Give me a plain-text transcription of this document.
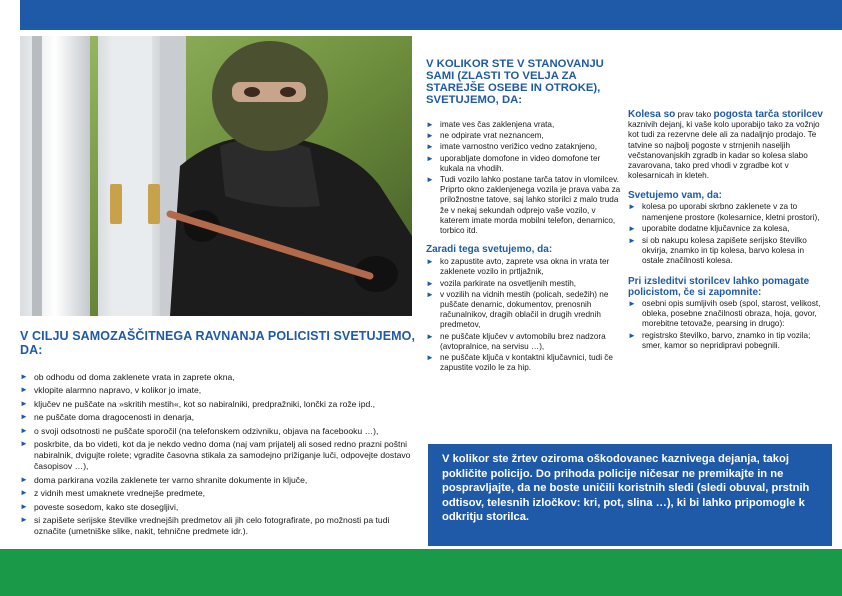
V CILJU SAMOZAŠČITNEGA RAVNANJA POLICISTI SVETUJEMO, DA:
► ob odhodu od doma zaklenete vrata in zaprete okna,
► vklopite alarmno napravo, v kolikor jo imate,
► ključev ne puščate na »skritih mestih«, kot so nabiralniki, predpražniki, lončki za rože ipd.,
► ne puščate doma dragocenosti in denarja,
► o svoji odsotnosti ne puščate sporočil (na telefonskem odzivniku, objava na facebooku …),
► poskrbite, da bo videti, kot da je nekdo vedno doma (naj vam prijatelj ali sosed redno prazni poštni nabiralnik, dvigujte rolete; vgradite časovna stikala za samodejno prižiganje luči, odpovejte dostavo časopisov …),
► doma parkirana vozila zaklenete ter varno shranite dokumente in ključe,
► z vidnih mest umaknete vrednejše predmete,
► poveste sosedom, kako ste dosegljivi,
► si zapišete serijske številke vrednejših predmetov ali jih celo fotografirate, po možnosti pa tudi označite (umetniške slike, nakit, tehnične predmete idr.).
V KOLIKOR STE V STANOVANJU SAMI (ZLASTI TO VELJA ZA STAREJŠE OSEBE IN OTROKE), SVETUJEMO, DA:
► imate ves čas zaklenjena vrata,
► ne odpirate vrat neznancem,
► imate varnostno verižico vedno zataknjeno,
► uporabljate domofone in video domofone ter kukala na vhodih.
► Tudi vozilo lahko postane tarča tatov in vlomilcev. Priprto okno zaklenjenega vozila je prava vaba za priložnostne tatove, saj lahko storilci z malo truda že v nekaj sekundah odprejo vaše vozilo, v katerem imate morda mobilni telefon, denarnico, torbico itd.
Zaradi tega svetujemo, da:
► ko zapustite avto, zaprete vsa okna in vrata ter zaklenete vozilo in prtljažnik,
► vozila parkirate na osvetljenih mestih,
► v vozilih na vidnih mestih (policah, sedežih) ne puščate denarnic, dokumentov, prenosnih računalnikov, dragih oblačil in drugih vrednih predmetov,
► ne puščate ključev v avtomobilu brez nadzora (avtopralnice, na servisu …),
► ne puščate ključa v kontaktni ključavnici, tudi če zapustite vozilo le za hip.

Kolesa so prav tako pogosta tarča storilcev kaznivih dejanj, ki vaše kolo uporabijo tako za vožnjo kot tudi za rezervne dele ali za nadaljnjo prodajo. Te tatvine so najbolj pogoste v strnjenih naseljih večstanovanjskih zgradb in kadar so kolesa slabo zavarovana, tako pred vhodi v zgradbe kot v kolesarnicah in kleteh.

Svetujemo vam, da:
► kolesa po uporabi skrbno zaklenete v za to namenjene prostore (kolesarnice, kletni prostori),
► uporabite dodatne ključavnice za kolesa,
► si ob nakupu kolesa zapišete serijsko številko okvirja, znamko in tip kolesa, barvo kolesa in ostale značilnosti kolesa.
Pri izsleditvi storilcev lahko pomagate policistom, če si zapomnite:
► osebni opis sumljivih oseb (spol, starost, velikost, obleka, posebne značilnosti obraza, hoja, govor, morebitne tetovaže, pearsing in drugo):
► registrsko številko, barvo, znamko in tip vozila; smer, kamor so nepridipravi pobegnili.

V kolikor ste žrtev oziroma oškodovanec kaznivega dejanja, takoj pokličite policijo. Do prihoda policije ničesar ne premikajte in ne pospravljajte, da ne boste uničili koristnih sledi (sledi obuval, prstnih odtisov, telesnih izločkov: kri, pot, slina …), ki bi lahko pripomogle k odkritju storilca.
